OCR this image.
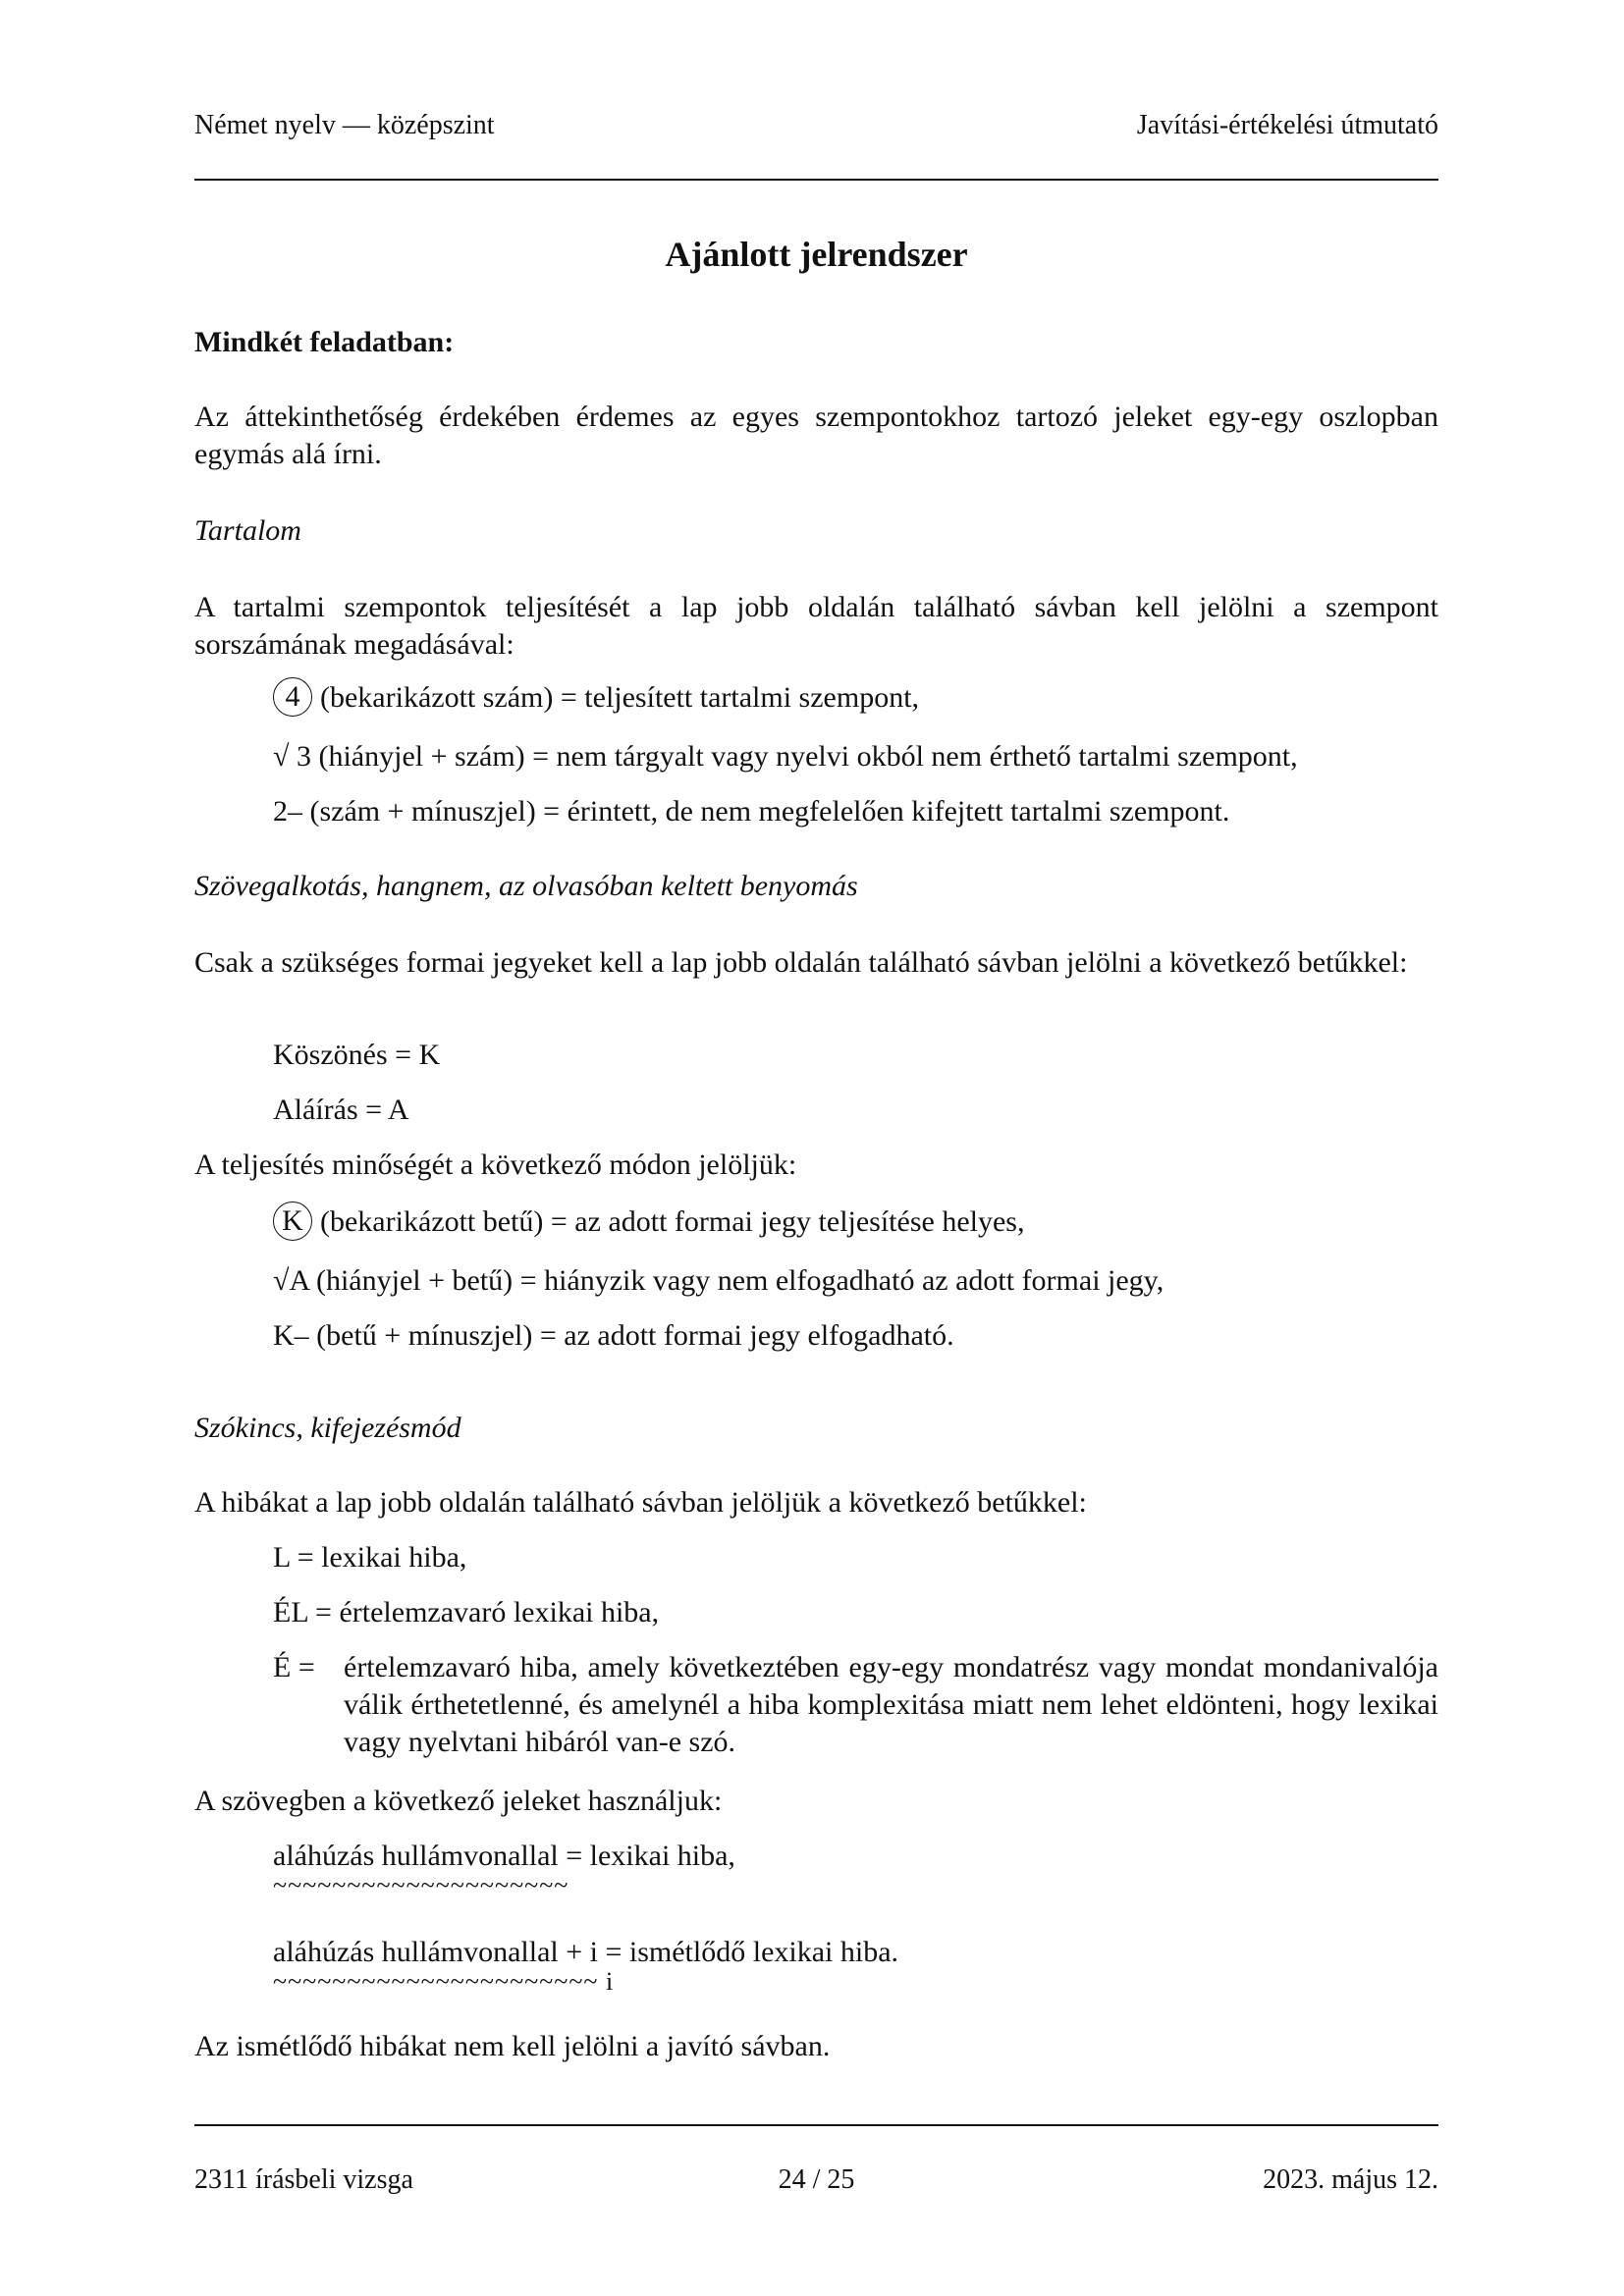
Német nyelv — középszint	Javítási-értékelési útmutató
Ajánlott jelrendszer
Mindkét feladatban:
Az áttekinthetőség érdekében érdemes az egyes szempontokhoz tartozó jeleket egy-egy oszlopban egymás alá írni.
Tartalom
A tartalmi szempontok teljesítését a lap jobb oldalán található sávban kell jelölni a szempont sorszámának megadásával:
4 (bekarikázott szám) = teljesített tartalmi szempont,
√ 3 (hiányjel + szám) = nem tárgyalt vagy nyelvi okból nem érthető tartalmi szempont,
2– (szám + mínuszjel) = érintett, de nem megfelelően kifejtett tartalmi szempont.
Szövegalkotás, hangnem, az olvasóban keltett benyomás
Csak a szükséges formai jegyeket kell a lap jobb oldalán található sávban jelölni a következő betűkkel:
Köszönés = K
Aláírás = A
A teljesítés minőségét a következő módon jelöljük:
K (bekarikázott betű) = az adott formai jegy teljesítése helyes,
√A (hiányjel + betű) = hiányzik vagy nem elfogadható az adott formai jegy,
K– (betű + mínuszjel) = az adott formai jegy elfogadható.
Szókincs, kifejezésmód
A hibákat a lap jobb oldalán található sávban jelöljük a következő betűkkel:
L = lexikai hiba,
ÉL = értelemzavaró lexikai hiba,
É = értelemzavaró hiba, amely következtében egy-egy mondatrész vagy mondat mondanivalója válik érthetetlenné, és amelynél a hiba komplexitása miatt nem lehet eldönteni, hogy lexikai vagy nyelvtani hibáról van-e szó.
A szövegben a következő jeleket használjuk:
aláhúzás hullámvonallal = lexikai hiba,
~~~~~~~~~~~~~~~~~~~~
aláhúzás hullámvonallal + i = ismétlődő lexikai hiba.
~~~~~~~~~~~~~~~~~~~~~~ i
Az ismétlődő hibákat nem kell jelölni a javító sávban.
2311 írásbeli vizsga	24 / 25	2023. május 12.
